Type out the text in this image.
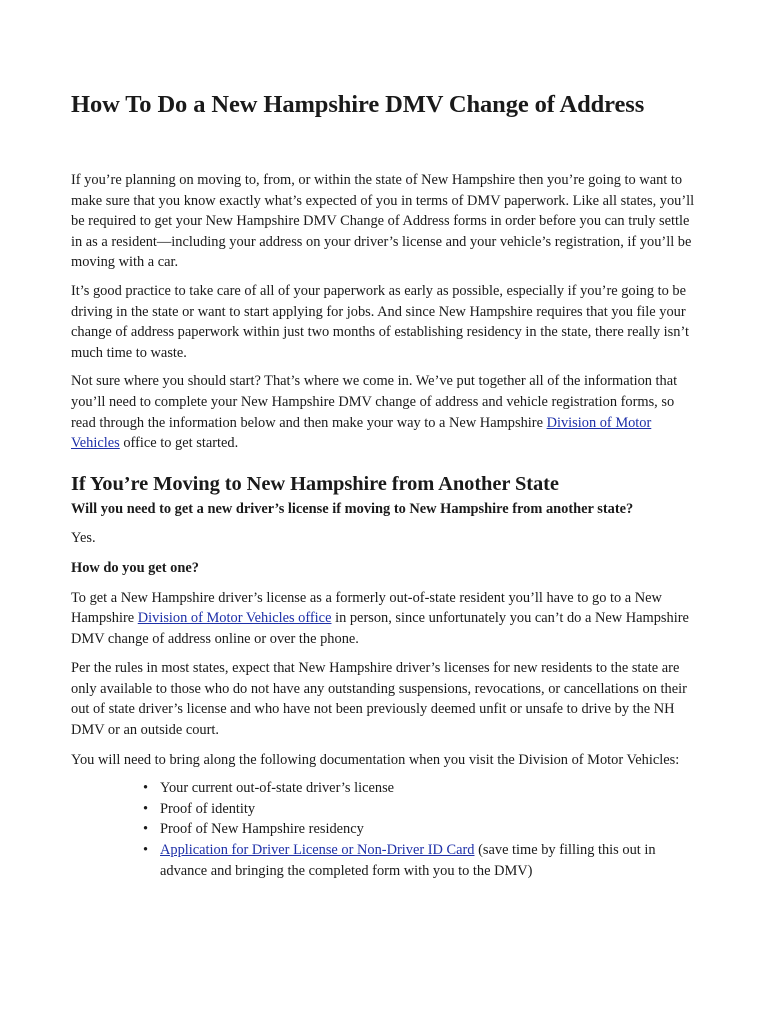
How To Do a New Hampshire DMV Change of Address

If you’re planning on moving to, from, or within the state of New Hampshire then you’re going to want to make sure that you know exactly what’s expected of you in terms of DMV paperwork. Like all states, you’ll be required to get your New Hampshire DMV Change of Address forms in order before you can truly settle in as a resident—including your address on your driver’s license and your vehicle’s registration, if you’ll be moving with a car.

It’s good practice to take care of all of your paperwork as early as possible, especially if you’re going to be driving in the state or want to start applying for jobs. And since New Hampshire requires that you file your change of address paperwork within just two months of establishing residency in the state, there really isn’t much time to waste.

Not sure where you should start? That’s where we come in. We’ve put together all of the information that you’ll need to complete your New Hampshire DMV change of address and vehicle registration forms, so read through the information below and then make your way to a New Hampshire Division of Motor Vehicles office to get started.

If You’re Moving to New Hampshire from Another State

Will you need to get a new driver’s license if moving to New Hampshire from another state?

Yes.

How do you get one?

To get a New Hampshire driver’s license as a formerly out-of-state resident you’ll have to go to a New Hampshire Division of Motor Vehicles office in person, since unfortunately you can’t do a New Hampshire DMV change of address online or over the phone.

Per the rules in most states, expect that New Hampshire driver’s licenses for new residents to the state are only available to those who do not have any outstanding suspensions, revocations, or cancellations on their out of state driver’s license and who have not been previously deemed unfit or unsafe to drive by the NH DMV or an outside court.

You will need to bring along the following documentation when you visit the Division of Motor Vehicles:

• Your current out-of-state driver’s license
• Proof of identity
• Proof of New Hampshire residency
• Application for Driver License or Non-Driver ID Card (save time by filling this out in advance and bringing the completed form with you to the DMV)
